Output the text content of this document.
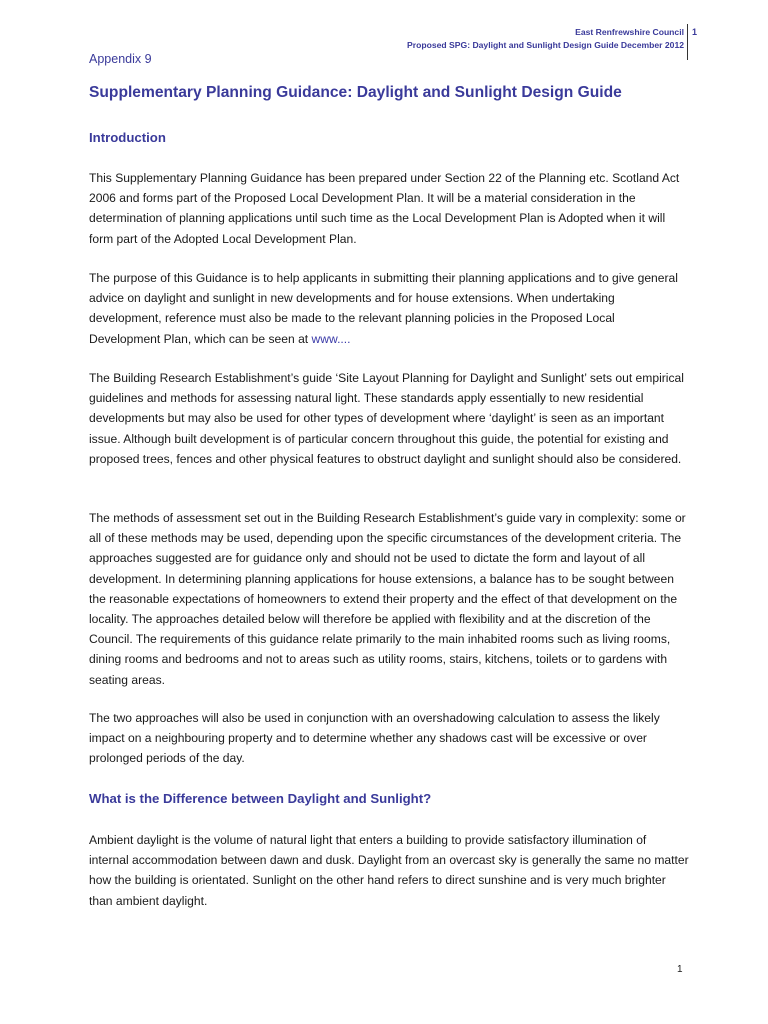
East Renfrewshire Council
Proposed SPG: Daylight and Sunlight Design Guide December 2012
1
Appendix 9
Supplementary Planning Guidance: Daylight and Sunlight Design Guide
Introduction
This Supplementary Planning Guidance has been prepared under Section 22 of the Planning etc. Scotland Act 2006 and forms part of the Proposed Local Development Plan. It will be a material consideration in the determination of planning applications until such time as the Local Development Plan is Adopted when it will form part of the Adopted Local Development Plan.
The purpose of this Guidance is to help applicants in submitting their planning applications and to give general advice on daylight and sunlight in new developments and for house extensions. When undertaking development, reference must also be made to the relevant planning policies in the Proposed Local Development Plan, which can be seen at www....
The Building Research Establishment’s guide ‘Site Layout Planning for Daylight and Sunlight’ sets out empirical guidelines and methods for assessing natural light. These standards apply essentially to new residential developments but may also be used for other types of development where ‘daylight’ is seen as an important issue. Although built development is of particular concern throughout this guide, the potential for existing and proposed trees, fences and other physical features to obstruct daylight and sunlight should also be considered.
The methods of assessment set out in the Building Research Establishment’s guide vary in complexity: some or all of these methods may be used, depending upon the specific circumstances of the development criteria. The approaches suggested are for guidance only and should not be used to dictate the form and layout of all development. In determining planning applications for house extensions, a balance has to be sought between the reasonable expectations of homeowners to extend their property and the effect of that development on the locality. The approaches detailed below will therefore be applied with flexibility and at the discretion of the Council. The requirements of this guidance relate primarily to the main inhabited rooms such as living rooms, dining rooms and bedrooms and not to areas such as utility rooms, stairs, kitchens, toilets or to gardens with seating areas.
The two approaches will also be used in conjunction with an overshadowing calculation to assess the likely impact on a neighbouring property and to determine whether any shadows cast will be excessive or over prolonged periods of the day.
What is the Difference between Daylight and Sunlight?
Ambient daylight is the volume of natural light that enters a building to provide satisfactory illumination of internal accommodation between dawn and dusk. Daylight from an overcast sky is generally the same no matter how the building is orientated. Sunlight on the other hand refers to direct sunshine and is very much brighter than ambient daylight.
1
